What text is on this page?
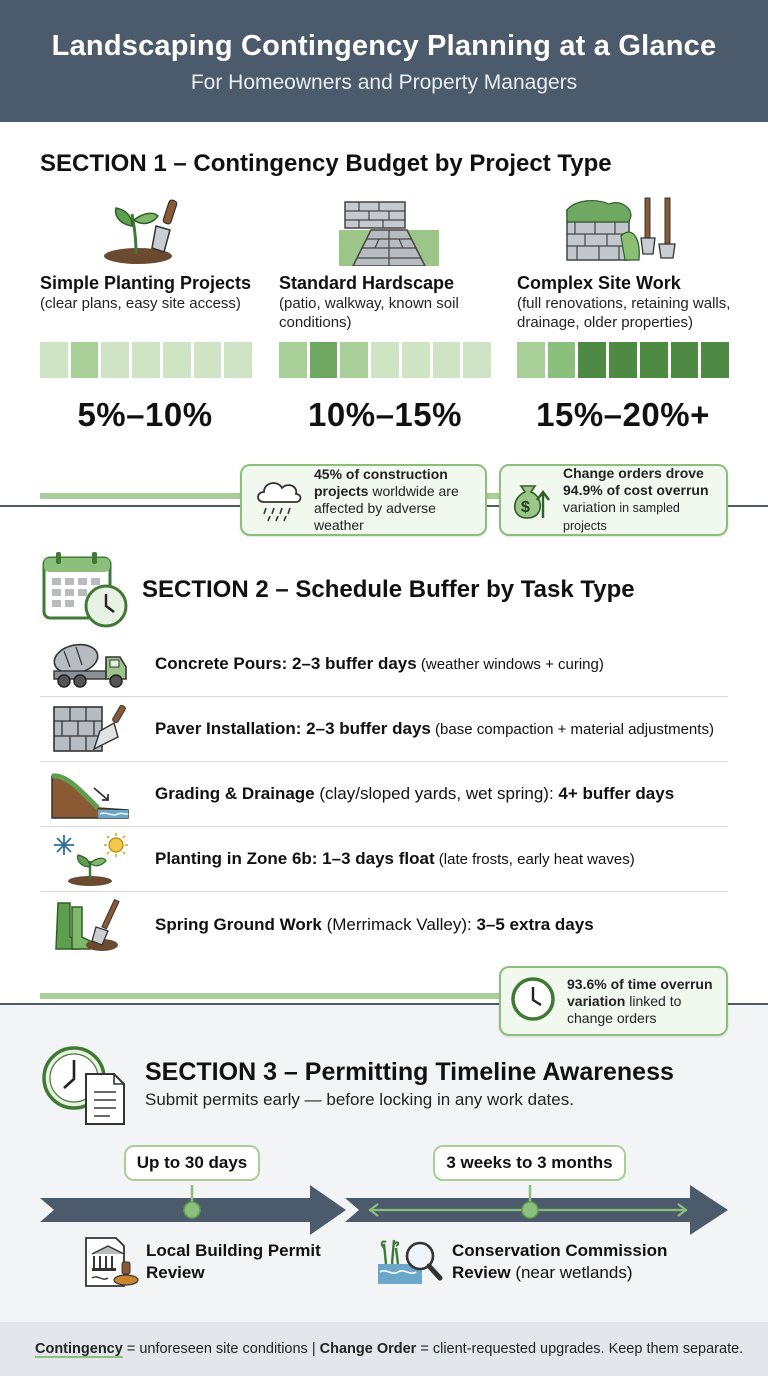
Landscaping Contingency Planning at a Glance
For Homeowners and Property Managers
SECTION 1 – Contingency Budget by Project Type
Simple Planting Projects
(clear plans, easy site access)
5%–10%
Standard Hardscape
(patio, walkway, known soil conditions)
10%–15%
Complex Site Work
(full renovations, retaining walls, drainage, older properties)
15%–20%+
45% of construction projects worldwide are affected by adverse weather
$
Change orders drove 94.9% of cost overrun variation in sampled projects
SECTION 2 – Schedule Buffer by Task Type
Concrete Pours: 2–3 buffer days (weather windows + curing)
Paver Installation: 2–3 buffer days (base compaction + material adjustments)
Grading & Drainage (clay/sloped yards, wet spring): 4+ buffer days
Planting in Zone 6b: 1–3 days float (late frosts, early heat waves)
Spring Ground Work (Merrimack Valley): 3–5 extra days
93.6% of time overrun variation linked to change orders
SECTION 3 – Permitting Timeline Awareness
Submit permits early — before locking in any work dates.
Up to 30 days	3 weeks to 3 months
Local Building Permit Review
Conservation Commission Review (near wetlands)
Contingency = unforeseen site conditions | Change Order = client-requested upgrades. Keep them separate.
